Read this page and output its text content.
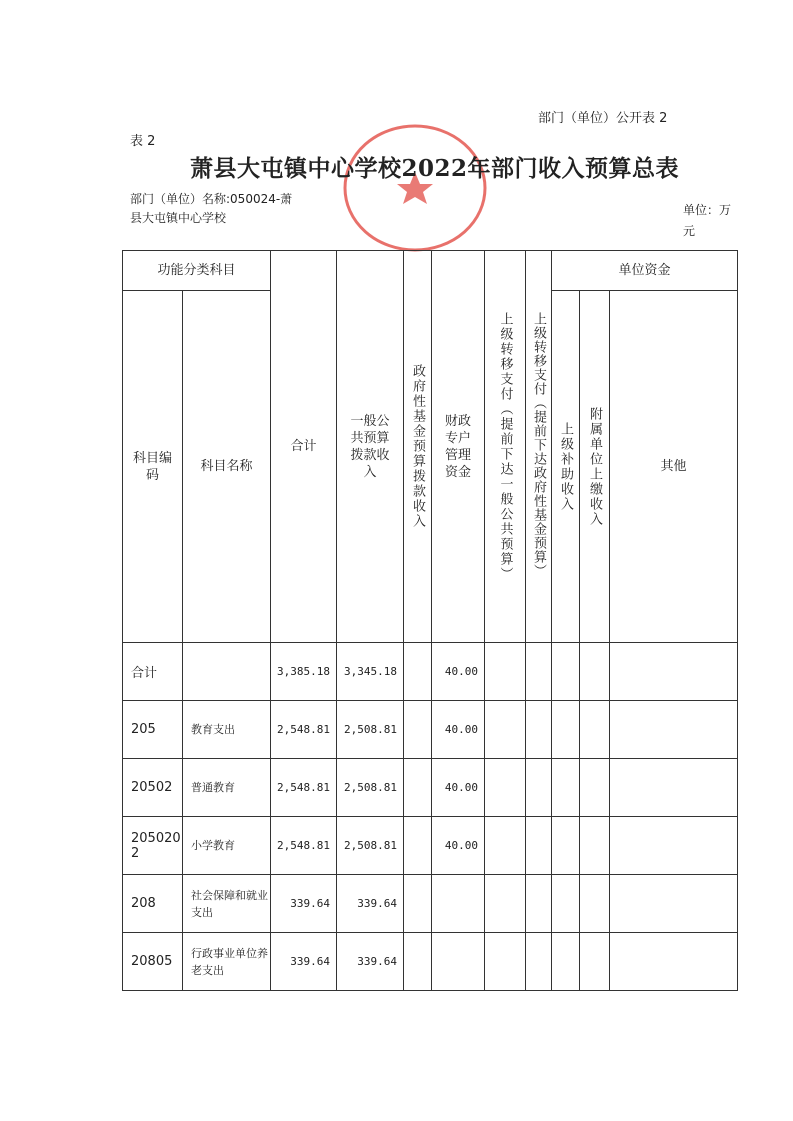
部门（单位）公开表 2
表 2
萧县大屯镇中心学校2022年部门收入预算总表
部门（单位）名称:050024-萧县大屯镇中心学校
单位：万元
功能分类科目		合计	一般公共预算拨款收入	政府性基金预算拨款收入	财政专户管理资金	上级转移支付（提前下达一般公共预算）	上级转移支付（提前下达政府性基金预算）	单位资金		
科目编码	科目名称							上级补助收入	附属单位上缴收入	其他
合计		3,385.18	3,345.18		40.00					
205	教育支出	2,548.81	2,508.81		40.00					
20502	普通教育	2,548.81	2,508.81		40.00					
2050202	小学教育	2,548.81	2,508.81		40.00					
208	社会保障和就业支出	339.64	339.64							
20805	行政事业单位养老支出	339.64	339.64							
